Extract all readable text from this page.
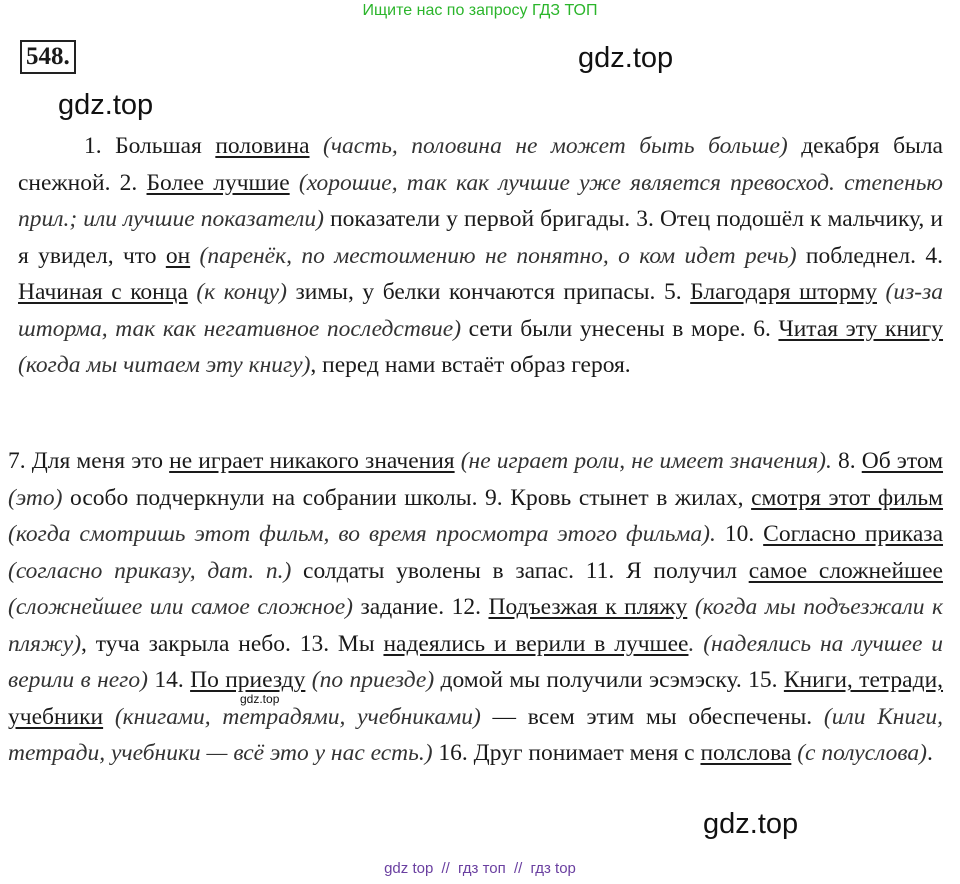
Ищите нас по запросу ГДЗ ТОП
548.	gdz.top
gdz.top
gdz.top
gdz.top
1. Большая половина (часть, половина не может быть больше) декабря была снежной. 2. Более лучшие (хорошие, так как лучшие уже является превосход. степенью прил.; или лучшие показатели) показатели у первой бригады. 3. Отец подошёл к мальчику, и я увидел, что он (паренёк, по местоимению не понятно, о ком идет речь) побледнел. 4. Начиная с конца (к концу) зимы, у белки кончаются припасы. 5. Благодаря шторму (из-за шторма, так как негативное последствие) сети были унесены в море. 6. Читая эту книгу (когда мы читаем эту книгу), перед нами встаёт образ героя.
7. Для меня это не играет никакого значения (не играет роли, не имеет значения). 8. Об этом (это) особо подчеркнули на собрании школы. 9. Кровь стынет в жилах, смотря этот фильм (когда смотришь этот фильм, во время просмотра этого фильма). 10. Согласно приказа (согласно приказу, дат. п.) солдаты уволены в запас. 11. Я получил самое сложнейшее (сложнейшее или самое сложное) задание. 12. Подъезжая к пляжу (когда мы подъезжали к пляжу), туча закрыла небо. 13. Мы надеялись и верили в лучшее. (надеялись на лучшее и верили в него) 14. По приезду (по приезде) домой мы получили эсэмэску. 15. Книги, тетради, учебники (книгами, тетрадями, учебниками) — всем этим мы обеспечены. (или Книги, тетради, учебники — всё это у нас есть.) 16. Друг понимает меня с полслова (с полуслова).
gdz top // гдз топ // гдз top
